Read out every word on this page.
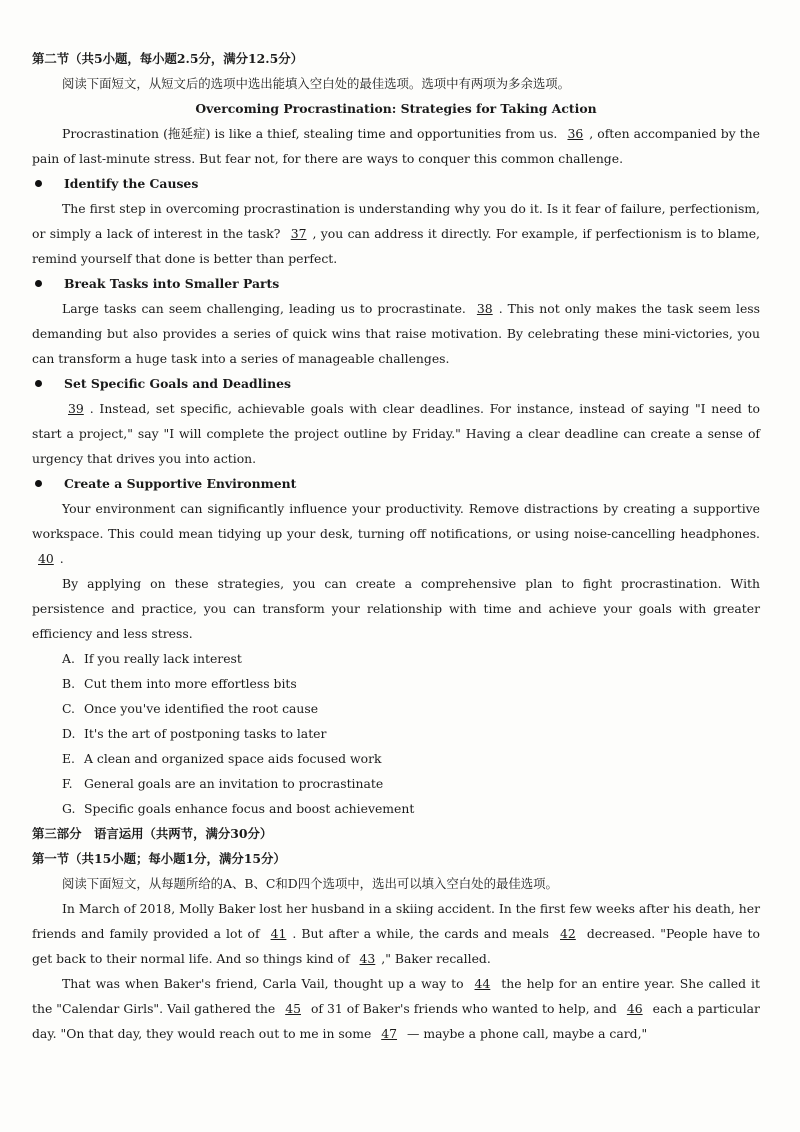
第二节（共5小题，每小题2.5分，满分12.5分）
阅读下面短文，从短文后的选项中选出能填入空白处的最佳选项。选项中有两项为多余选项。
Overcoming Procrastination: Strategies for Taking Action
Procrastination (拖延症) is like a thief, stealing time and opportunities from us. 36 , often accompanied by the pain of last-minute stress. But fear not, for there are ways to conquer this common challenge.
Identify the Causes
The first step in overcoming procrastination is understanding why you do it. Is it fear of failure, perfectionism, or simply a lack of interest in the task? 37 , you can address it directly. For example, if perfectionism is to blame, remind yourself that done is better than perfect.
Break Tasks into Smaller Parts
Large tasks can seem challenging, leading us to procrastinate. 38 . This not only makes the task seem less demanding but also provides a series of quick wins that raise motivation. By celebrating these mini-victories, you can transform a huge task into a series of manageable challenges.
Set Specific Goals and Deadlines
39 . Instead, set specific, achievable goals with clear deadlines. For instance, instead of saying "I need to start a project," say "I will complete the project outline by Friday." Having a clear deadline can create a sense of urgency that drives you into action.
Create a Supportive Environment
Your environment can significantly influence your productivity. Remove distractions by creating a supportive workspace. This could mean tidying up your desk, turning off notifications, or using noise-cancelling headphones. 40 .
By applying on these strategies, you can create a comprehensive plan to fight procrastination. With persistence and practice, you can transform your relationship with time and achieve your goals with greater efficiency and less stress.
A. If you really lack interest
B. Cut them into more effortless bits
C. Once you've identified the root cause
D. It's the art of postponing tasks to later
E. A clean and organized space aids focused work
F. General goals are an invitation to procrastinate
G. Specific goals enhance focus and boost achievement
第三部分　语言运用（共两节，满分30分）
第一节（共15小题；每小题1分，满分15分）
阅读下面短文，从每题所给的A、B、C和D四个选项中，选出可以填入空白处的最佳选项。
In March of 2018, Molly Baker lost her husband in a skiing accident. In the first few weeks after his death, her friends and family provided a lot of 41 . But after a while, the cards and meals 42 decreased. "People have to get back to their normal life. And so things kind of 43 ," Baker recalled.
That was when Baker's friend, Carla Vail, thought up a way to 44 the help for an entire year. She called it the "Calendar Girls". Vail gathered the 45 of 31 of Baker's friends who wanted to help, and 46 each a particular day. "On that day, they would reach out to me in some 47 — maybe a phone call, maybe a card,"
